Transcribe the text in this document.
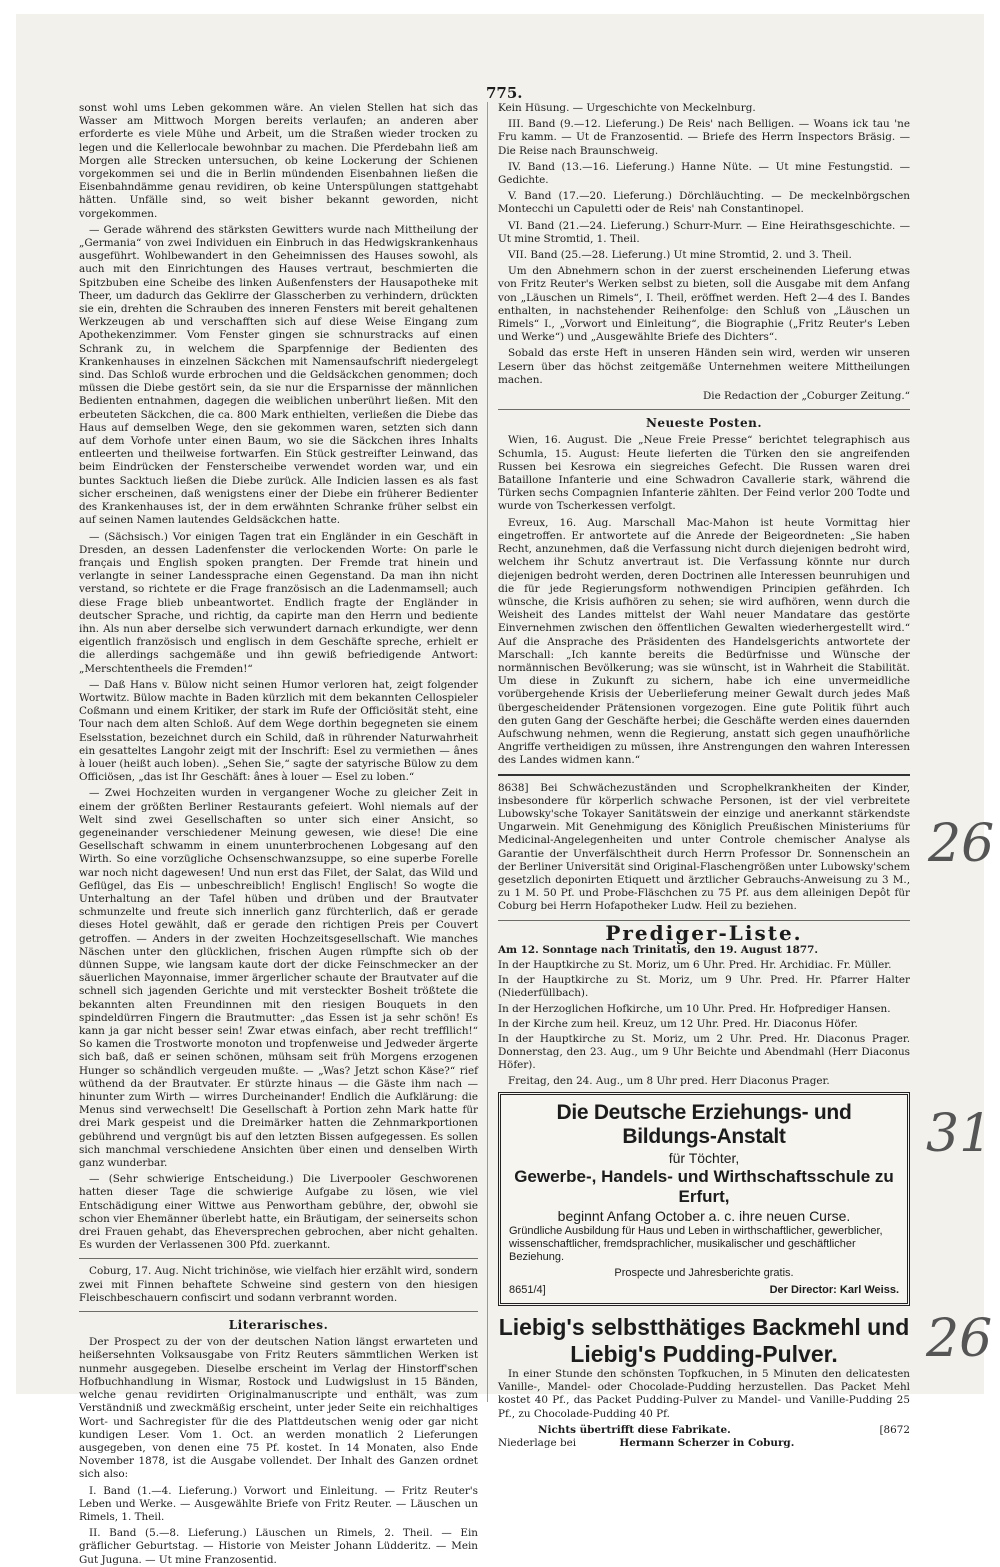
775.

sonst wohl ums Leben gekommen wäre. An vielen Stellen hat sich das Wasser am Mittwoch Morgen bereits verlaufen; an anderen aber erforderte es viele Mühe und Arbeit, um die Straßen wieder trocken zu legen und die Kellerlocale bewohnbar zu machen. Die Pferdebahn ließ am Morgen alle Strecken untersuchen, ob keine Lockerung der Schienen vorgekommen sei und die in Berlin mündenden Eisenbahnen ließen die Eisenbahndämme genau revidiren, ob keine Unterspülungen stattgehabt hätten. Unfälle sind, so weit bisher bekannt geworden, nicht vorgekommen.

— Gerade während des stärksten Gewitters wurde nach Mittheilung der „Germania“ von zwei Individuen ein Einbruch in das Hedwigskrankenhaus ausgeführt. Wohlbewandert in den Geheimnissen des Hauses sowohl, als auch mit den Einrichtungen des Hauses vertraut, beschmierten die Spitzbuben eine Scheibe des linken Außenfensters der Hausapotheke mit Theer, um dadurch das Geklirre der Glasscherben zu verhindern, drückten sie ein, drehten die Schrauben des inneren Fensters mit bereit gehaltenen Werkzeugen ab und verschafften sich auf diese Weise Eingang zum Apothekenzimmer. Vom Fenster gingen sie schnurstracks auf einen Schrank zu, in welchem die Sparpfennige der Bedienten des Krankenhauses in einzelnen Säckchen mit Namensaufschrift niedergelegt sind. Das Schloß wurde erbrochen und die Geldsäckchen genommen; doch müssen die Diebe gestört sein, da sie nur die Ersparnisse der männlichen Bedienten entnahmen, dagegen die weiblichen unberührt ließen. Mit den erbeuteten Säckchen, die ca. 800 Mark enthielten, verließen die Diebe das Haus auf demselben Wege, den sie gekommen waren, setzten sich dann auf dem Vorhofe unter einen Baum, wo sie die Säckchen ihres Inhalts entleerten und theilweise fortwarfen. Ein Stück gestreifter Leinwand, das beim Eindrücken der Fensterscheibe verwendet worden war, und ein buntes Sacktuch ließen die Diebe zurück. Alle Indicien lassen es als fast sicher erscheinen, daß wenigstens einer der Diebe ein früherer Bedienter des Krankenhauses ist, der in dem erwähnten Schranke früher selbst ein auf seinen Namen lautendes Geldsäckchen hatte.

— (Sächsisch.) Vor einigen Tagen trat ein Engländer in ein Geschäft in Dresden, an dessen Ladenfenster die verlockenden Worte: On parle le français und English spoken prangten. Der Fremde trat hinein und verlangte in seiner Landessprache einen Gegenstand. Da man ihn nicht verstand, so richtete er die Frage französisch an die Ladenmamsell; auch diese Frage blieb unbeantwortet. Endlich fragte der Engländer in deutscher Sprache, und richtig, da capirte man den Herrn und bediente ihn. Als nun aber derselbe sich verwundert darnach erkundigte, wer denn eigentlich französisch und englisch in dem Geschäfte spreche, erhielt er die allerdings sachgemäße und ihn gewiß befriedigende Antwort: „Merschtentheels die Fremden!“

— Daß Hans v. Bülow nicht seinen Humor verloren hat, zeigt folgender Wortwitz. Bülow machte in Baden kürzlich mit dem bekannten Cellospieler Coßmann und einem Kritiker, der stark im Rufe der Officiösität steht, eine Tour nach dem alten Schloß. Auf dem Wege dorthin begegneten sie einem Eselsstation, bezeichnet durch ein Schild, daß in rührender Naturwahrheit ein gesatteltes Langohr zeigt mit der Inschrift: Esel zu vermiethen — ânes à louer (heißt auch loben). „Sehen Sie,“ sagte der satyrische Bülow zu dem Officiösen, „das ist Ihr Geschäft: ânes à louer — Esel zu loben.“

— Zwei Hochzeiten wurden in vergangener Woche zu gleicher Zeit in einem der größten Berliner Restaurants gefeiert. Wohl niemals auf der Welt sind zwei Gesellschaften so unter sich einer Ansicht, so gegeneinander verschiedener Meinung gewesen, wie diese! Die eine Gesellschaft schwamm in einem ununterbrochenen Lobgesang auf den Wirth. So eine vorzügliche Ochsenschwanzsuppe, so eine superbe Forelle war noch nicht dagewesen! Und nun erst das Filet, der Salat, das Wild und Geflügel, das Eis — unbeschreiblich! Englisch! Englisch! So wogte die Unterhaltung an der Tafel hüben und drüben und der Brautvater schmunzelte und freute sich innerlich ganz fürchterlich, daß er gerade dieses Hotel gewählt, daß er gerade den richtigen Preis per Couvert getroffen. — Anders in der zweiten Hochzeitsgesellschaft. Wie manches Näschen unter den glücklichen, frischen Augen rümpfte sich ob der dünnen Suppe, wie langsam kaute dort der dicke Feinschmecker an der säuerlichen Mayonnaise, immer ärgerlicher schaute der Brautvater auf die schnell sich jagenden Gerichte und mit versteckter Bosheit trößtete die bekannten alten Freundinnen mit den riesigen Bouquets in den spindeldürren Fingern die Brautmutter: „das Essen ist ja sehr schön! Es kann ja gar nicht besser sein! Zwar etwas einfach, aber recht treffllich!“ So kamen die Trostworte monoton und tropfenweise und Jedweder ärgerte sich baß, daß er seinen schönen, mühsam seit früh Morgens erzogenen Hunger so schändlich vergeuden mußte. — „Was? Jetzt schon Käse?“ rief wüthend da der Brautvater. Er stürzte hinaus — die Gäste ihm nach — hinunter zum Wirth — wirres Durcheinander! Endlich die Aufklärung: die Menus sind verwechselt! Die Gesellschaft à Portion zehn Mark hatte für drei Mark gespeist und die Dreimärker hatten die Zehnmarkportionen gebührend und vergnügt bis auf den letzten Bissen aufgegessen. Es sollen sich manchmal verschiedene Ansichten über einen und denselben Wirth ganz wunderbar.

— (Sehr schwierige Entscheidung.) Die Liverpooler Geschworenen hatten dieser Tage die schwierige Aufgabe zu lösen, wie viel Entschädigung einer Wittwe aus Penwortham gebühre, der, obwohl sie schon vier Ehemänner überlebt hatte, ein Bräutigam, der seinerseits schon drei Frauen gehabt, das Eheversprechen gebrochen, aber nicht gehalten. Es wurden der Verlassenen 300 Pfd. zuerkannt.

Coburg, 17. Aug. Nicht trichinöse, wie vielfach hier erzählt wird, sondern zwei mit Finnen behaftete Schweine sind gestern von den hiesigen Fleischbeschauern confiscirt und sodann verbrannt worden.

Literarisches.

Der Prospect zu der von der deutschen Nation längst erwarteten und heißersehnten Volksausgabe von Fritz Reuters sämmtlichen Werken ist nunmehr ausgegeben. Dieselbe erscheint im Verlag der Hinstorff'schen Hofbuchhandlung in Wismar, Rostock und Ludwigslust in 15 Bänden, welche genau revidirten Originalmanuscripte und enthält, was zum Verständniß und zweckmäßig erscheint, unter jeder Seite ein reichhaltiges Wort- und Sachregister für die des Plattdeutschen wenig oder gar nicht kundigen Leser. Vom 1. Oct. an werden monatlich 2 Lieferungen ausgegeben, von denen eine 75 Pf. kostet. In 14 Monaten, also Ende November 1878, ist die Ausgabe vollendet. Der Inhalt des Ganzen ordnet sich also:

I. Band (1.—4. Lieferung.) Vorwort und Einleitung. — Fritz Reuter's Leben und Werke. — Ausgewählte Briefe von Fritz Reuter. — Läuschen un Rimels, 1. Theil.

II. Band (5.—8. Lieferung.) Läuschen un Rimels, 2. Theil. — Ein gräflicher Geburtstag. — Historie von Meister Johann Lüdderitz. — Mein Gut Juguna. — Ut mine Franzosentid.

Kein Hüsung. — Urgeschichte von Meckelnburg.

III. Band (9.—12. Lieferung.) De Reis' nach Belligen. — Woans ick tau 'ne Fru kamm. — Ut de Franzosentid. — Briefe des Herrn Inspectors Bräsig. — Die Reise nach Braunschweig.

IV. Band (13.—16. Lieferung.) Hanne Nüte. — Ut mine Festungstid. — Gedichte.

V. Band (17.—20. Lieferung.) Dörchläuchting. — De meckelnbörgschen Montecchi un Capuletti oder de Reis' nah Constantinopel.

VI. Band (21.—24. Lieferung.) Schurr-Murr. — Eine Heirathsgeschichte. — Ut mine Stromtid, 1. Theil.

VII. Band (25.—28. Lieferung.) Ut mine Stromtid, 2. und 3. Theil.

Um den Abnehmern schon in der zuerst erscheinenden Lieferung etwas von Fritz Reuter's Werken selbst zu bieten, soll die Ausgabe mit dem Anfang von „Läuschen un Rimels“, I. Theil, eröffnet werden. Heft 2—4 des I. Bandes enthalten, in nachstehender Reihenfolge: den Schluß von „Läuschen un Rimels“ I., „Vorwort und Einleitung“, die Biographie („Fritz Reuter's Leben und Werke“) und „Ausgewählte Briefe des Dichters“.

Sobald das erste Heft in unseren Händen sein wird, werden wir unseren Lesern über das höchst zeitgemäße Unternehmen weitere Mittheilungen machen.

Die Redaction der „Coburger Zeitung.“

Neueste Posten.

Wien, 16. August. Die „Neue Freie Presse“ berichtet telegraphisch aus Schumla, 15. August: Heute lieferten die Türken den sie angreifenden Russen bei Kesrowa ein siegreiches Gefecht. Die Russen waren drei Bataillone Infanterie und eine Schwadron Cavallerie stark, während die Türken sechs Compagnien Infanterie zählten. Der Feind verlor 200 Todte und wurde von Tscherkessen verfolgt.

Evreux, 16. Aug. Marschall Mac-Mahon ist heute Vormittag hier eingetroffen. Er antwortete auf die Anrede der Beigeordneten: „Sie haben Recht, anzunehmen, daß die Verfassung nicht durch diejenigen bedroht wird, welchem ihr Schutz anvertraut ist. Die Verfassung könnte nur durch diejenigen bedroht werden, deren Doctrinen alle Interessen beunruhigen und die für jede Regierungsform nothwendigen Principien gefährden. Ich wünsche, die Krisis aufhören zu sehen; sie wird aufhören, wenn durch die Weisheit des Landes mittelst der Wahl neuer Mandatare das gestörte Einvernehmen zwischen den öffentlichen Gewalten wiederhergestellt wird.“ Auf die Ansprache des Präsidenten des Handelsgerichts antwortete der Marschall: „Ich kannte bereits die Bedürfnisse und Wünsche der normännischen Bevölkerung; was sie wünscht, ist in Wahrheit die Stabilität. Um diese in Zukunft zu sichern, habe ich eine unvermeidliche vorübergehende Krisis der Ueberlieferung meiner Gewalt durch jedes Maß übergescheidender Prätensionen vorgezogen. Eine gute Politik führt auch den guten Gang der Geschäfte herbei; die Geschäfte werden eines dauernden Aufschwung nehmen, wenn die Regierung, anstatt sich gegen unaufhörliche Angriffe vertheidigen zu müssen, ihre Anstrengungen den wahren Interessen des Landes widmen kann.“

8638] Bei Schwächezuständen und Scrophelkrankheiten der Kinder, insbesondere für körperlich schwache Personen, ist der viel verbreitete Lubowsky'sche Tokayer Sanitätswein der einzige und anerkannt stärkendste Ungarwein. Mit Genehmigung des Königlich Preußischen Ministeriums für Medicinal-Angelegenheiten und unter Controle chemischer Analyse als Garantie der Unverfälschtheit durch Herrn Professor Dr. Sonnenschein an der Berliner Universität sind Original-Flaschengrößen unter Lubowsky'schem gesetzlich deponirten Etiquett und ärztlicher Gebrauchs-Anweisung zu 3 M., zu 1 M. 50 Pf. und Probe-Fläschchen zu 75 Pf. aus dem alleinigen Depôt für Coburg bei Herrn Hofapotheker Ludw. Heil zu beziehen.

Prediger-Liste.

Am 12. Sonntage nach Trinitatis, den 19. August 1877.

In der Hauptkirche zu St. Moriz, um 6 Uhr. Pred. Hr. Archidiac. Fr. Müller.

In der Hauptkirche zu St. Moriz, um 9 Uhr. Pred. Hr. Pfarrer Halter (Niederfüllbach).

In der Herzoglichen Hofkirche, um 10 Uhr. Pred. Hr. Hofprediger Hansen.

In der Kirche zum heil. Kreuz, um 12 Uhr. Pred. Hr. Diaconus Höfer.

In der Hauptkirche zu St. Moriz, um 2 Uhr. Pred. Hr. Diaconus Prager. Donnerstag, den 23. Aug., um 9 Uhr Beichte und Abendmahl (Herr Diaconus Höfer).

Freitag, den 24. Aug., um 8 Uhr pred. Herr Diaconus Prager.

Die Deutsche Erziehungs- und Bildungs-Anstalt
für Töchter,
Gewerbe-, Handels- und Wirthschaftsschule zu Erfurt,
beginnt Anfang October a. c. ihre neuen Curse.
Gründliche Ausbildung für Haus und Leben in wirthschaftlicher, gewerblicher, wissenschaftlicher, fremdsprachlicher, musikalischer und geschäftlicher Beziehung.
Prospecte und Jahresberichte gratis.
8651/4]	Der Director: Karl Weiss.
Liebig's selbstthätiges Backmehl und
Liebig's Pudding-Pulver.

In einer Stunde den schönsten Topfkuchen, in 5 Minuten den delicatesten Vanille-, Mandel- oder Chocolade-Pudding herzustellen. Das Packet Mehl kostet 40 Pf., das Packet Pudding-Pulver zu Mandel- und Vanille-Pudding 25 Pf., zu Chocolade-Pudding 40 Pf.

Nichts übertrifft diese Fabrikate.	[8672
Niederlage bei	Hermann Scherzer in Coburg.
26
31
26
